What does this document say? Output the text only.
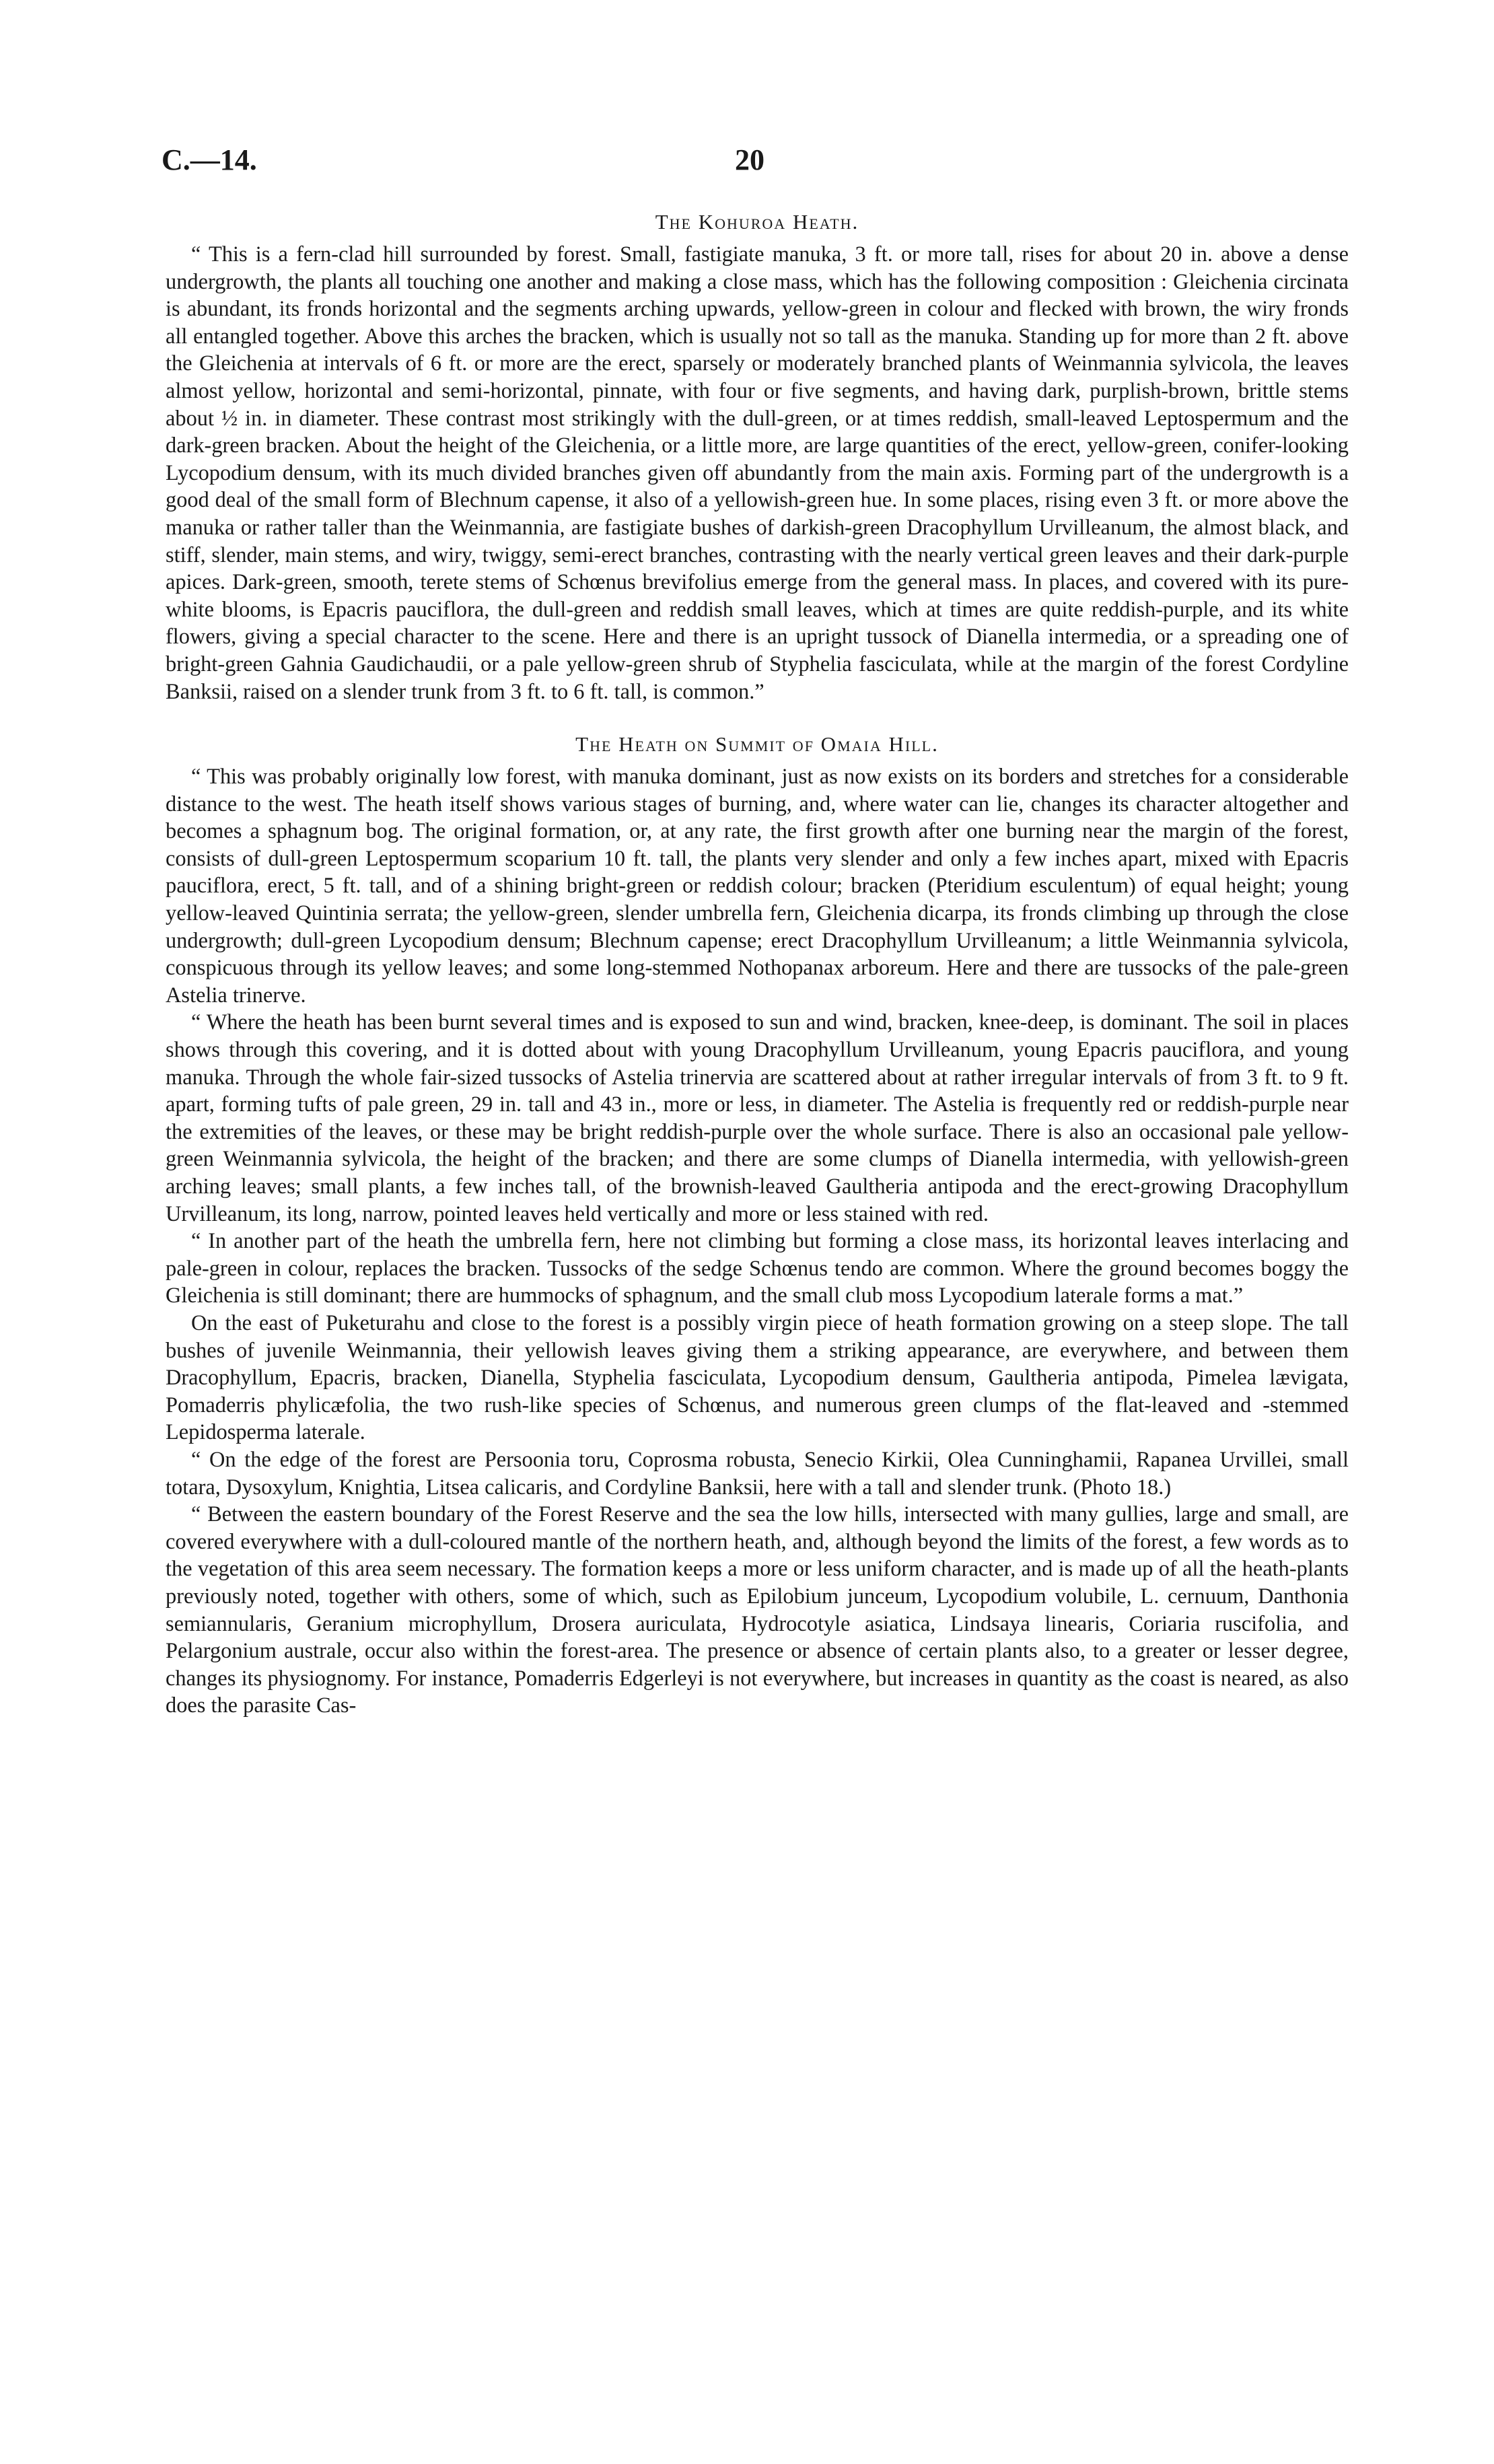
C.—14.	20
The Kohuroa Heath.

“ This is a fern-clad hill surrounded by forest. Small, fastigiate manuka, 3 ft. or more tall, rises for about 20 in. above a dense undergrowth, the plants all touching one another and making a close mass, which has the following composition : Gleichenia circinata is abundant, its fronds horizontal and the segments arching upwards, yellow-green in colour and flecked with brown, the wiry fronds all entangled together. Above this arches the bracken, which is usually not so tall as the manuka. Standing up for more than 2 ft. above the Gleichenia at intervals of 6 ft. or more are the erect, sparsely or moderately branched plants of Weinmannia sylvicola, the leaves almost yellow, horizontal and semi-horizontal, pinnate, with four or five segments, and having dark, purplish-brown, brittle stems about ½ in. in diameter. These contrast most strikingly with the dull-green, or at times reddish, small-leaved Leptospermum and the dark-green bracken. About the height of the Gleichenia, or a little more, are large quantities of the erect, yellow-green, conifer-looking Lycopodium densum, with its much divided branches given off abundantly from the main axis. Forming part of the undergrowth is a good deal of the small form of Blechnum capense, it also of a yellowish-green hue. In some places, rising even 3 ft. or more above the manuka or rather taller than the Weinmannia, are fastigiate bushes of darkish-green Dracophyllum Urvilleanum, the almost black, and stiff, slender, main stems, and wiry, twiggy, semi-erect branches, contrasting with the nearly vertical green leaves and their dark-purple apices. Dark-green, smooth, terete stems of Schœnus brevifolius emerge from the general mass. In places, and covered with its pure-white blooms, is Epacris pauciflora, the dull-green and reddish small leaves, which at times are quite reddish-purple, and its white flowers, giving a special character to the scene. Here and there is an upright tussock of Dianella intermedia, or a spreading one of bright-green Gahnia Gaudichaudii, or a pale yellow-green shrub of Styphelia fasciculata, while at the margin of the forest Cordyline Banksii, raised on a slender trunk from 3 ft. to 6 ft. tall, is common.”

The Heath on Summit of Omaia Hill.

“ This was probably originally low forest, with manuka dominant, just as now exists on its borders and stretches for a considerable distance to the west. The heath itself shows various stages of burning, and, where water can lie, changes its character altogether and becomes a sphagnum bog. The original formation, or, at any rate, the first growth after one burning near the margin of the forest, consists of dull-green Leptospermum scoparium 10 ft. tall, the plants very slender and only a few inches apart, mixed with Epacris pauciflora, erect, 5 ft. tall, and of a shining bright-green or reddish colour; bracken (Pteridium esculentum) of equal height; young yellow-leaved Quintinia serrata; the yellow-green, slender umbrella fern, Gleichenia dicarpa, its fronds climbing up through the close undergrowth; dull-green Lycopodium densum; Blechnum capense; erect Dracophyllum Urvilleanum; a little Weinmannia sylvicola, conspicuous through its yellow leaves; and some long-stemmed Nothopanax arboreum. Here and there are tussocks of the pale-green Astelia trinerve.

“ Where the heath has been burnt several times and is exposed to sun and wind, bracken, knee-deep, is dominant. The soil in places shows through this covering, and it is dotted about with young Dracophyllum Urvilleanum, young Epacris pauciflora, and young manuka. Through the whole fair-sized tussocks of Astelia trinervia are scattered about at rather irregular intervals of from 3 ft. to 9 ft. apart, forming tufts of pale green, 29 in. tall and 43 in., more or less, in diameter. The Astelia is frequently red or reddish-purple near the extremities of the leaves, or these may be bright reddish-purple over the whole surface. There is also an occasional pale yellow-green Weinmannia sylvicola, the height of the bracken; and there are some clumps of Dianella intermedia, with yellowish-green arching leaves; small plants, a few inches tall, of the brownish-leaved Gaultheria antipoda and the erect-growing Dracophyllum Urvilleanum, its long, narrow, pointed leaves held vertically and more or less stained with red.

“ In another part of the heath the umbrella fern, here not climbing but forming a close mass, its horizontal leaves interlacing and pale-green in colour, replaces the bracken. Tussocks of the sedge Schœnus tendo are common. Where the ground becomes boggy the Gleichenia is still dominant; there are hummocks of sphagnum, and the small club moss Lycopodium laterale forms a mat.”

On the east of Puketurahu and close to the forest is a possibly virgin piece of heath formation growing on a steep slope. The tall bushes of juvenile Weinmannia, their yellowish leaves giving them a striking appearance, are everywhere, and between them Dracophyllum, Epacris, bracken, Dianella, Styphelia fasciculata, Lycopodium densum, Gaultheria antipoda, Pimelea lævigata, Pomaderris phylicæfolia, the two rush-like species of Schœnus, and numerous green clumps of the flat-leaved and -stemmed Lepidosperma laterale.

“ On the edge of the forest are Persoonia toru, Coprosma robusta, Senecio Kirkii, Olea Cunninghamii, Rapanea Urvillei, small totara, Dysoxylum, Knightia, Litsea calicaris, and Cordyline Banksii, here with a tall and slender trunk. (Photo 18.)

“ Between the eastern boundary of the Forest Reserve and the sea the low hills, intersected with many gullies, large and small, are covered everywhere with a dull-coloured mantle of the northern heath, and, although beyond the limits of the forest, a few words as to the vegetation of this area seem necessary. The formation keeps a more or less uniform character, and is made up of all the heath-plants previously noted, together with others, some of which, such as Epilobium junceum, Lycopodium volubile, L. cernuum, Danthonia semiannularis, Geranium microphyllum, Drosera auriculata, Hydrocotyle asiatica, Lindsaya linearis, Coriaria ruscifolia, and Pelargonium australe, occur also within the forest-area. The presence or absence of certain plants also, to a greater or lesser degree, changes its physiognomy. For instance, Pomaderris Edgerleyi is not everywhere, but increases in quantity as the coast is neared, as also does the parasite Cas-
